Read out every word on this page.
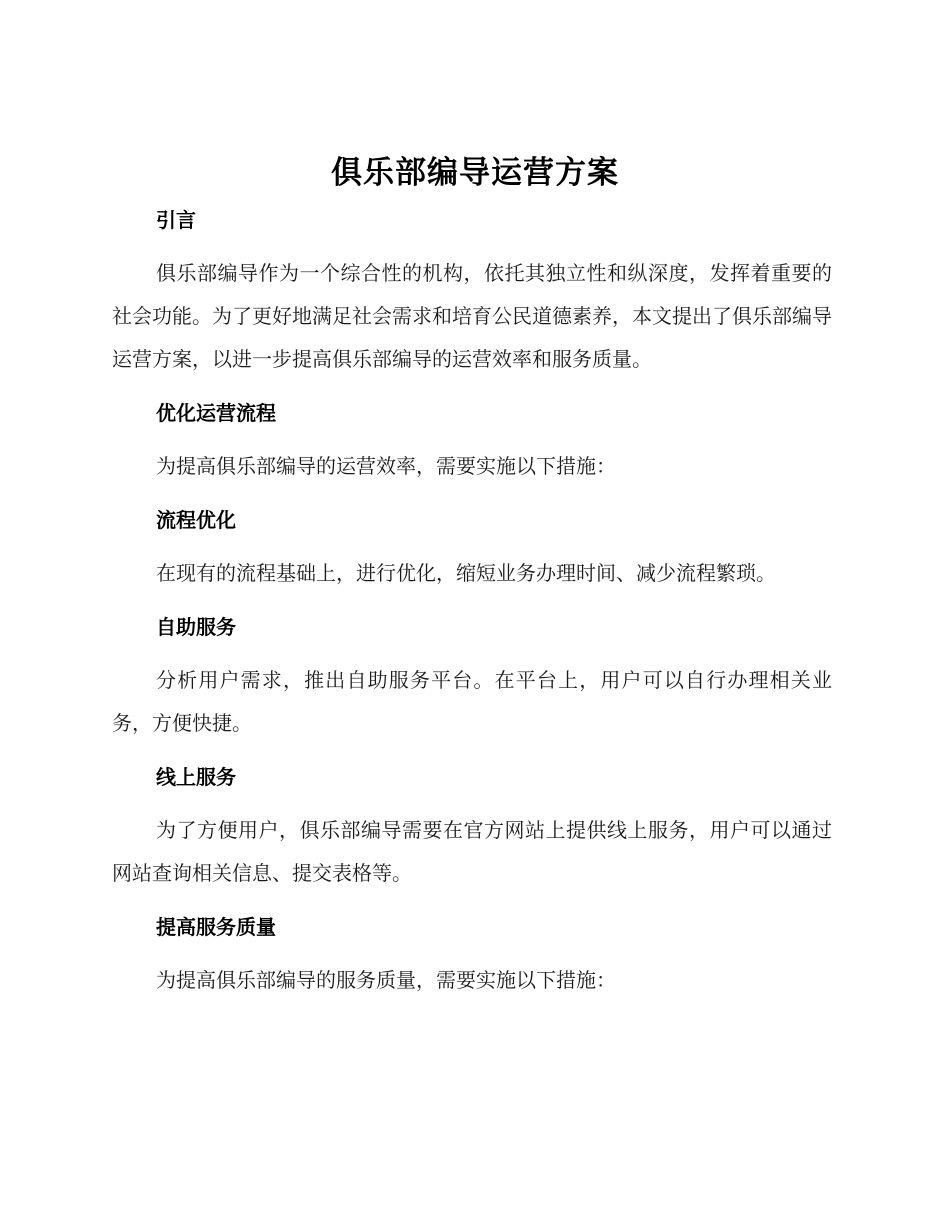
俱乐部编导运营方案
引言

俱乐部编导作为一个综合性的机构，依托其独立性和纵深度，发挥着重要的社会功能。为了更好地满足社会需求和培育公民道德素养，本文提出了俱乐部编导运营方案，以进一步提高俱乐部编导的运营效率和服务质量。

优化运营流程

为提高俱乐部编导的运营效率，需要实施以下措施：

流程优化

在现有的流程基础上，进行优化，缩短业务办理时间、减少流程繁琐。

自助服务

分析用户需求，推出自助服务平台。在平台上，用户可以自行办理相关业务，方便快捷。

线上服务

为了方便用户，俱乐部编导需要在官方网站上提供线上服务，用户可以通过网站查询相关信息、提交表格等。

提高服务质量

为提高俱乐部编导的服务质量，需要实施以下措施：
